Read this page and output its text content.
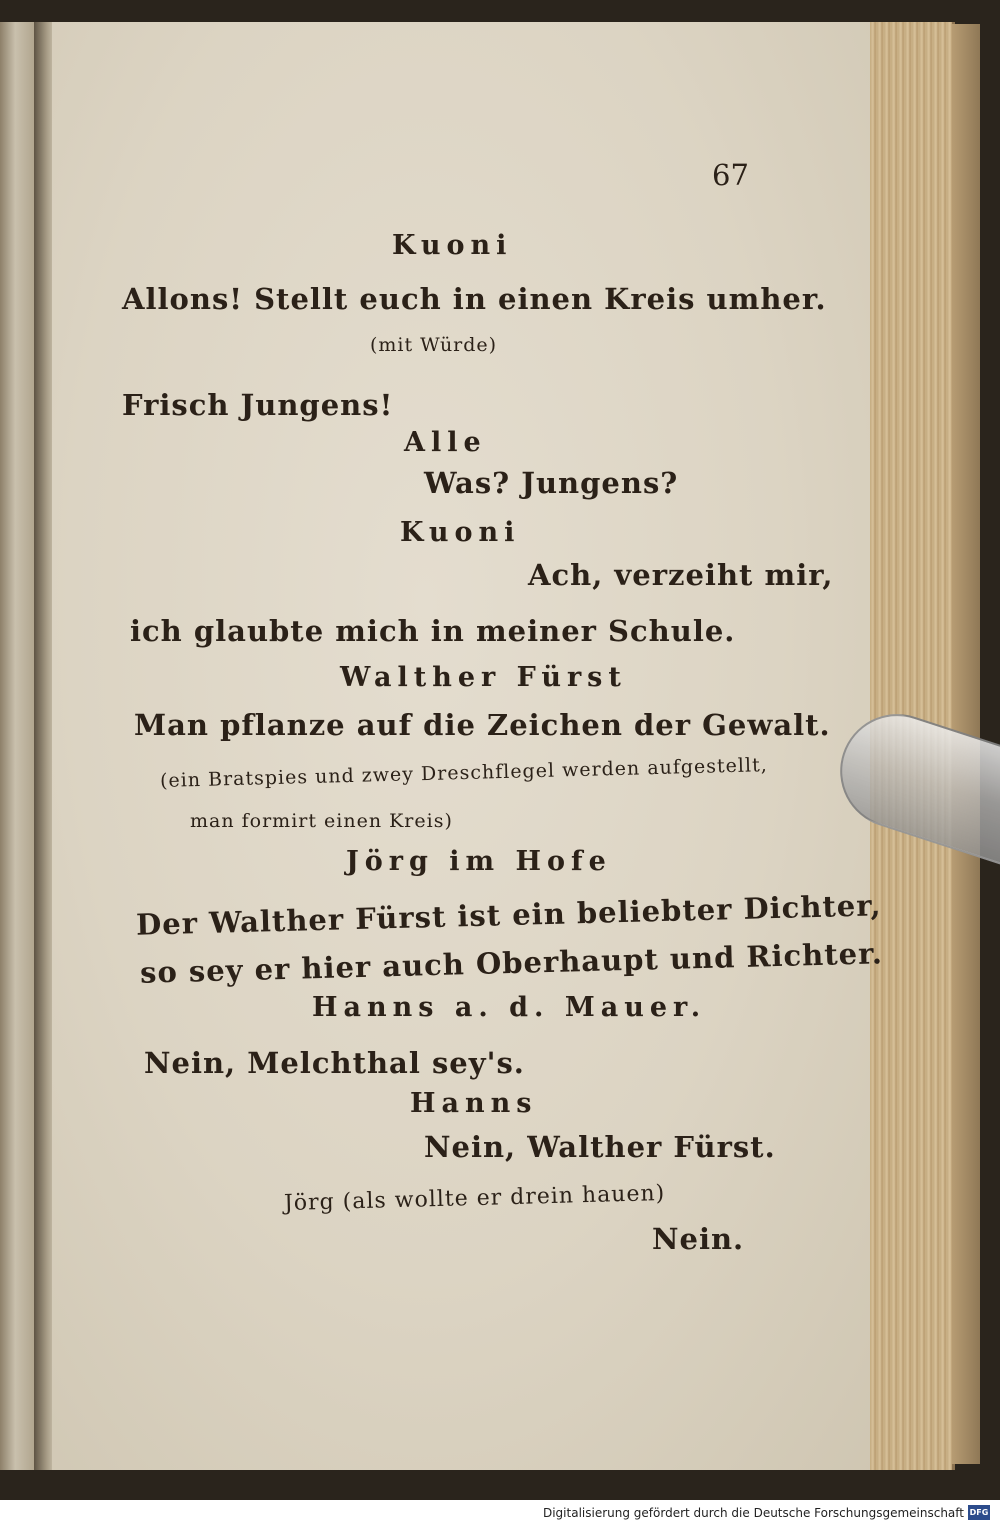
67

Kuoni

Allons! Stellt euch in einen Kreis umher.

(mit Würde)

Frisch Jungens!

Alle

Was? Jungens?

Kuoni

Ach, verzeiht mir,

ich glaubte mich in meiner Schule.

Walther Fürst

Man pflanze auf die Zeichen der Gewalt.

(ein Bratspies und zwey Dreschflegel werden aufgestellt,

man formirt einen Kreis)

Jörg im Hofe

Der Walther Fürst ist ein beliebter Dichter,

so sey er hier auch Oberhaupt und Richter.

Hanns a. d. Mauer.

Nein, Melchthal sey's.

Hanns

Nein, Walther Fürst.

Jörg (als wollte er drein hauen)

Nein.

Digitalisierung gefördert durch die Deutsche Forschungsgemeinschaft DFG
